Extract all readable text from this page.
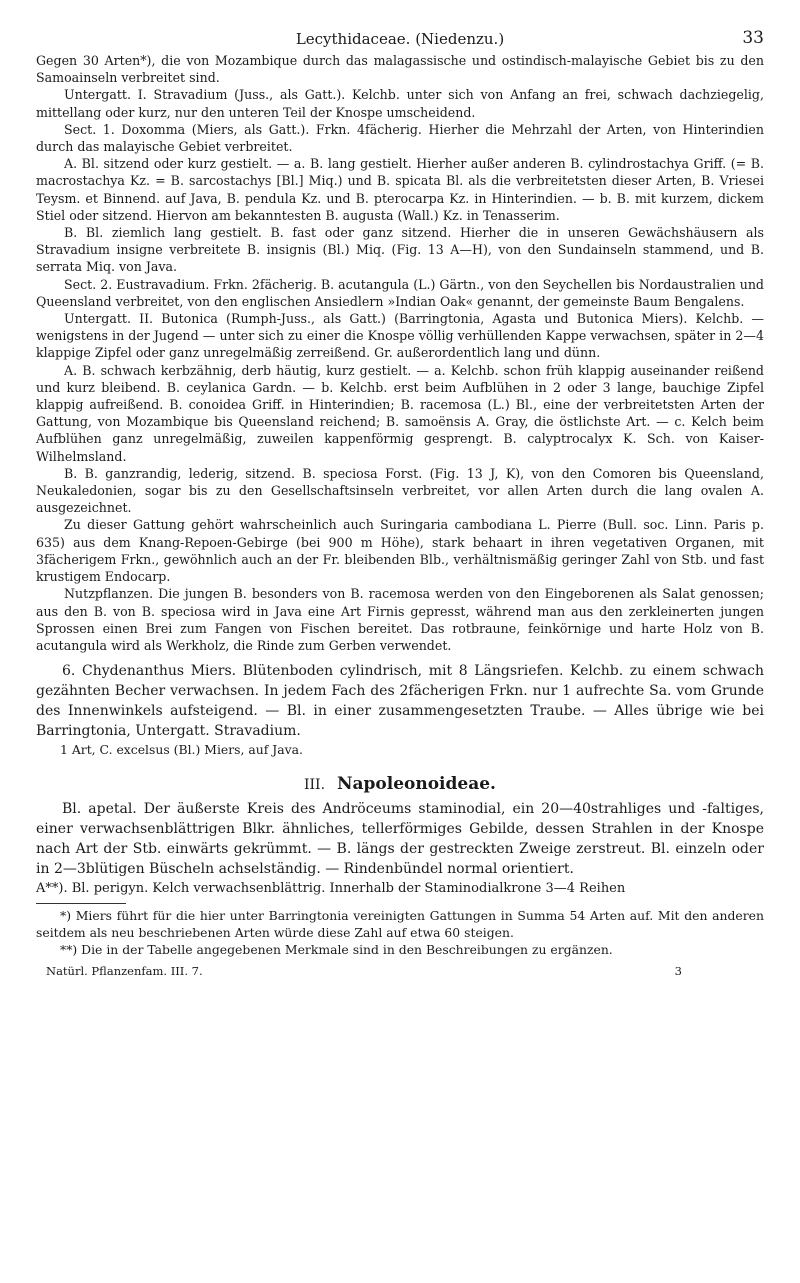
Lecythidaceae. (Niedenzu.)	33

Gegen 30 Arten*), die von Mozambique durch das malagassische und ostindisch-malayische Gebiet bis zu den Samoainseln verbreitet sind.

Untergatt. I. Stravadium (Juss., als Gatt.). Kelchb. unter sich von Anfang an frei, schwach dachziegelig, mittellang oder kurz, nur den unteren Teil der Knospe umscheidend.

Sect. 1. Doxomma (Miers, als Gatt.). Frkn. 4fächerig. Hierher die Mehrzahl der Arten, von Hinterindien durch das malayische Gebiet verbreitet.

A. Bl. sitzend oder kurz gestielt. — a. B. lang gestielt. Hierher außer anderen B. cylindrostachya Griff. (= B. macrostachya Kz. = B. sarcostachys [Bl.] Miq.) und B. spicata Bl. als die verbreitetsten dieser Arten, B. Vriesei Teysm. et Binnend. auf Java, B. pendula Kz. und B. pterocarpa Kz. in Hinterindien. — b. B. mit kurzem, dickem Stiel oder sitzend. Hiervon am bekanntesten B. augusta (Wall.) Kz. in Tenasserim.

B. Bl. ziemlich lang gestielt. B. fast oder ganz sitzend. Hierher die in unseren Gewächshäusern als Stravadium insigne verbreitete B. insignis (Bl.) Miq. (Fig. 13 A—H), von den Sundainseln stammend, und B. serrata Miq. von Java.

Sect. 2. Eustravadium. Frkn. 2fächerig. B. acutangula (L.) Gärtn., von den Seychellen bis Nordaustralien und Queensland verbreitet, von den englischen Ansiedlern »Indian Oak« genannt, der gemeinste Baum Bengalens.

Untergatt. II. Butonica (Rumph-Juss., als Gatt.) (Barringtonia, Agasta und Butonica Miers). Kelchb. — wenigstens in der Jugend — unter sich zu einer die Knospe völlig verhüllenden Kappe verwachsen, später in 2—4 klappige Zipfel oder ganz unregelmäßig zerreißend. Gr. außerordentlich lang und dünn.

A. B. schwach kerbzähnig, derb häutig, kurz gestielt. — a. Kelchb. schon früh klappig auseinander reißend und kurz bleibend. B. ceylanica Gardn. — b. Kelchb. erst beim Aufblühen in 2 oder 3 lange, bauchige Zipfel klappig aufreißend. B. conoidea Griff. in Hinterindien; B. racemosa (L.) Bl., eine der verbreitetsten Arten der Gattung, von Mozambique bis Queensland reichend; B. samoënsis A. Gray, die östlichste Art. — c. Kelch beim Aufblühen ganz unregelmäßig, zuweilen kappenförmig gesprengt. B. calyptrocalyx K. Sch. von Kaiser-Wilhelmsland.

B. B. ganzrandig, lederig, sitzend. B. speciosa Forst. (Fig. 13 J, K), von den Comoren bis Queensland, Neukaledonien, sogar bis zu den Gesellschaftsinseln verbreitet, vor allen Arten durch die lang ovalen A. ausgezeichnet.

Zu dieser Gattung gehört wahrscheinlich auch Suringaria cambodiana L. Pierre (Bull. soc. Linn. Paris p. 635) aus dem Knang-Repoen-Gebirge (bei 900 m Höhe), stark behaart in ihren vegetativen Organen, mit 3fächerigem Frkn., gewöhnlich auch an der Fr. bleibenden Blb., verhältnismäßig geringer Zahl von Stb. und fast krustigem Endocarp.

Nutzpflanzen. Die jungen B. besonders von B. racemosa werden von den Eingeborenen als Salat genossen; aus den B. von B. speciosa wird in Java eine Art Firnis gepresst, während man aus den zerkleinerten jungen Sprossen einen Brei zum Fangen von Fischen bereitet. Das rotbraune, feinkörnige und harte Holz von B. acutangula wird als Werkholz, die Rinde zum Gerben verwendet.

6. Chydenanthus Miers. Blütenboden cylindrisch, mit 8 Längsriefen. Kelchb. zu einem schwach gezähnten Becher verwachsen. In jedem Fach des 2fächerigen Frkn. nur 1 aufrechte Sa. vom Grunde des Innenwinkels aufsteigend. — Bl. in einer zusammengesetzten Traube. — Alles übrige wie bei Barringtonia, Untergatt. Stravadium.

1 Art, C. excelsus (Bl.) Miers, auf Java.

III. Napoleonoideae.

Bl. apetal. Der äußerste Kreis des Andröceums staminodial, ein 20—40strahliges und -faltiges, einer verwachsenblättrigen Blkr. ähnliches, tellerförmiges Gebilde, dessen Strahlen in der Knospe nach Art der Stb. einwärts gekrümmt. — B. längs der gestreckten Zweige zerstreut. Bl. einzeln oder in 2—3blütigen Büscheln achselständig. — Rindenbündel normal orientiert.

A**). Bl. perigyn. Kelch verwachsenblättrig. Innerhalb der Staminodialkrone 3—4 Reihen

*) Miers führt für die hier unter Barringtonia vereinigten Gattungen in Summa 54 Arten auf. Mit den anderen seitdem als neu beschriebenen Arten würde diese Zahl auf etwa 60 steigen.

**) Die in der Tabelle angegebenen Merkmale sind in den Beschreibungen zu ergänzen.

Natürl. Pflanzenfam. III. 7.	3
